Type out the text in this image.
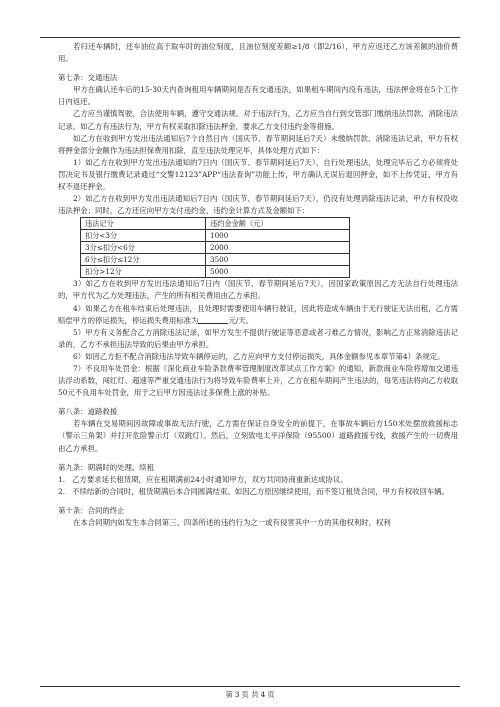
若归还车辆时，还车油位高于取车时的油位刻度，且油位刻度差额≥1/8（即2/16），甲方应返还乙方该差额的油价费用。

第七条：交通违法

甲方在确认还车后的15-30天内查询租用车辆期间是否有交通违法，如果租车期间内没有违法，违法押金将在5个工作日内返还。

乙方应当谨慎驾驶，合法使用车辆，遵守交通法规。对于违法行为，乙方应当自行到交管部门缴纳违法罚款、消除违法记录。如乙方有违法行为，甲方有权采取扣除违法押金、要求乙方支付违约金等措施。

如乙方在收到甲方发出违法通知后7个自然日内（国庆节、春节期间延后7天）未缴纳罚款、消除违法记录，甲方有权将押金部分金额作为违法担保费用扣除，直至违法处理完毕，具体处理方式如下：

1）如乙方在收到甲方发出违法通知的7日内（国庆节、春节期间延后7天），自行处理违法，处理完毕后乙方必须将处罚决定书及银行缴费记录通过“交警12123”APP“违法查询”功能上传，甲方确认无误后退回押金，如不上传凭证，甲方有权不退还押金。

2）如乙方在收到甲方发出违法通知后7日内（国庆节、春节期间延后7天），仍没有处理消除违法记录，甲方有权没收违法押金；同时，乙方还应向甲方支付违约金，违约金计算方式及金额如下：

违法记分	违约金金额（元）
扣分<3分	1000
3分≤扣分<6分	2000
6分≤扣分≤12分	3500
扣分>12分	5000

3）如乙方在收到甲方发出违法通知后7日内（国庆节、春节期间延后7天），因国家政策原因乙方无法自行处理违法的，甲方代为乙方处理违法，产生的所有相关费用由乙方承担。

4）如果乙方在租车结束后处理违法，且处理时需要使用车辆行驶证，因此将造成车辆由于无行驶证无法出租，乙方需赔偿甲方的停运损失，停运损失费用标准为	元/天。

5）甲方有义务配合乙方消除违法记录，如甲方发生不提供行驶证等恶意或者刁难乙方情况，影响乙方正常消除违法记录的，乙方不承担违法导致的后果由甲方承担。

6）如因乙方拒不配合消除违法导致车辆停运的，乙方应向甲方支付停运损失，具体金额参见本章节第4）条规定。

7）不良用车处罚金：根据《深化商业车险条款费率管理制度改革试点工作方案》的通知，新款商业车险将增加交通违法浮动系数，闯红灯、超速等严重交通违法行为将导致车险费率上升，乙方在租车期间产生违法的，每笔违法将向乙方收取50元不良用车处罚金，用于之后甲方因违法过多保费上涨的补贴。

第八条：道路救援

若车辆在交易期间因故障或事故无法行驶，乙方需在保证自身安全的前提下，在事故车辆后方150米处摆放救援标志（警示三角架）并打开危险警示灯（双跳灯）。然后，立刻致电太平洋保险（95500）道路救援专线，救援产生的一切费用由乙方承担。

第九条：期满时的处理、续租

1. 乙方要求延长租赁期，应在租期满前24小时通知甲方，双方共同协商重新达成协议。

2. 不续结新的合同时，租赁期满后本合同圆满结束。如因乙方原因继续使用，而不签订租赁合同，甲方有权收回车辆。

第十条：合同的终止

在本合同期内如发生本合同第三、四条所述的违约行为之一或有侵害其中一方的其他权利时，权利

第 3 页 共 4 页
